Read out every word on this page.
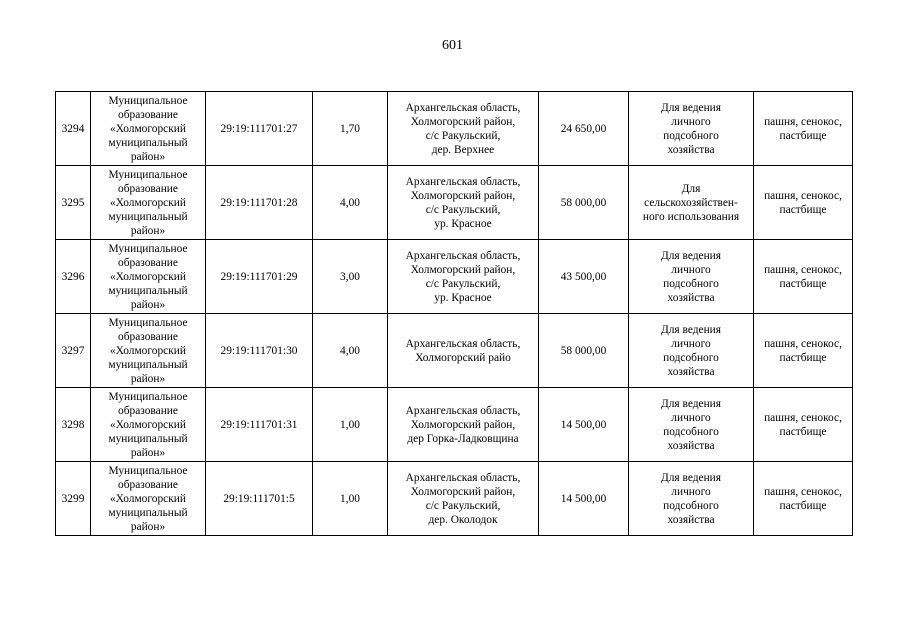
601
3294	Муниципальное
образование
«Холмогорский
муниципальный
район»	29:19:111701:27	1,70	Архангельская область,
Холмогорский район,
с/с Ракульский,
дер. Верхнее	24 650,00	Для ведения
личного
подсобного
хозяйства	пашня, сенокос,
пастбище

3295	Муниципальное
образование
«Холмогорский
муниципальный
район»	29:19:111701:28	4,00	Архангельская область,
Холмогорский район,
с/с Ракульский,
ур. Красное	58 000,00	Для
сельскохозяйствен-
ного использования	пашня, сенокос,
пастбище

3296	Муниципальное
образование
«Холмогорский
муниципальный
район»	29:19:111701:29	3,00	Архангельская область,
Холмогорский район,
с/с Ракульский,
ур. Красное	43 500,00	Для ведения
личного
подсобного
хозяйства	пашня, сенокос,
пастбище

3297	Муниципальное
образование
«Холмогорский
муниципальный
район»	29:19:111701:30	4,00	Архангельская область,
Холмогорский райо	58 000,00	Для ведения
личного
подсобного
хозяйства	пашня, сенокос,
пастбище

3298	Муниципальное
образование
«Холмогорский
муниципальный
район»	29:19:111701:31	1,00	Архангельская область,
Холмогорский район,
дер Горка-Ладковщина	14 500,00	Для ведения
личного
подсобного
хозяйства	пашня, сенокос,
пастбище

3299	Муниципальное
образование
«Холмогорский
муниципальный
район»	29:19:111701:5	1,00	Архангельская область,
Холмогорский район,
с/с Ракульский,
дер. Околодок	14 500,00	Для ведения
личного
подсобного
хозяйства	пашня, сенокос,
пастбище
